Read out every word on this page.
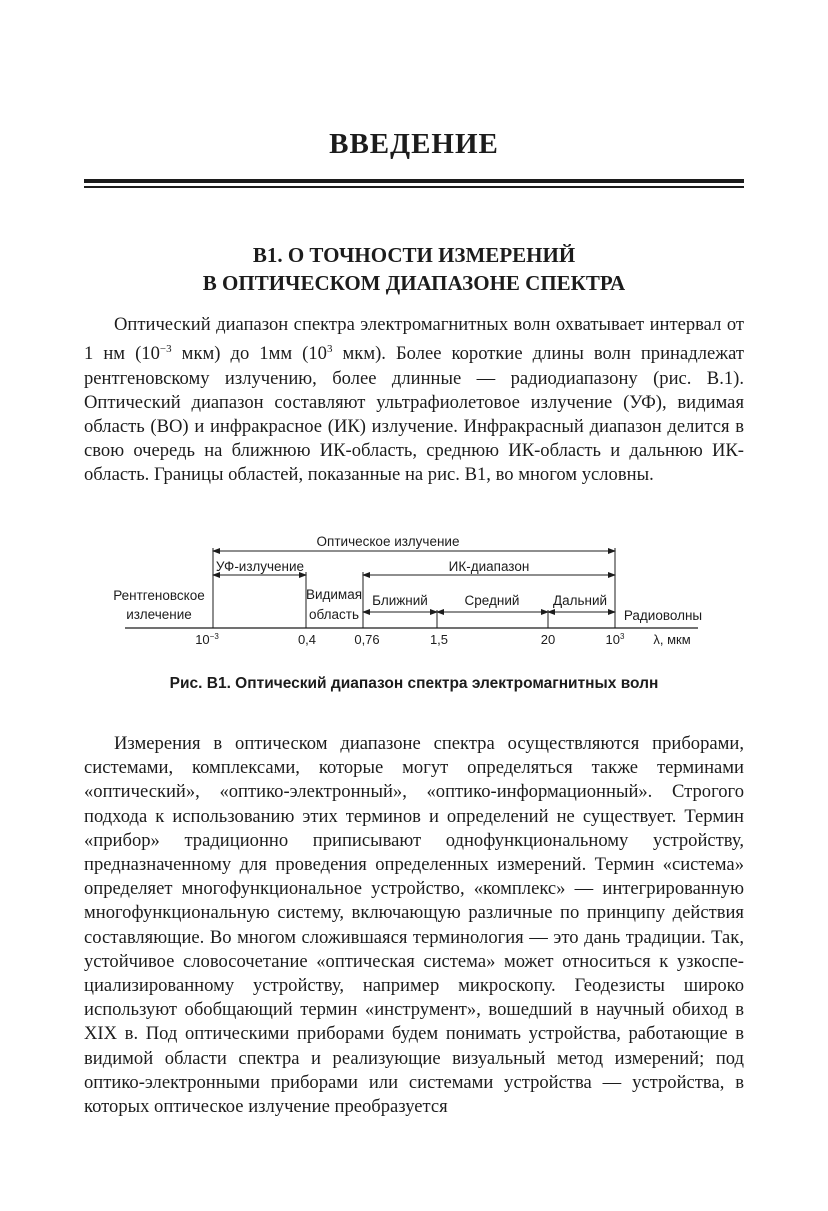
ВВЕДЕНИЕ
В1. О ТОЧНОСТИ ИЗМЕРЕНИЙ
В ОПТИЧЕСКОМ ДИАПАЗОНЕ СПЕКТРА
Оптический диапазон спектра электромагнитных волн охватывает интервал от 1 нм ($10^{-3}$ мкм) до 1мм ($10^3$ мкм). Более короткие длины волн принадлежат рентгеновскому излучению, более длинные — радиодиапазону (рис. В.1). Оптический диапазон составляют ультрафиолетовое излучение (УФ), видимая область (ВО) и инфракрасное (ИК) излучение. Инфракрасный диапазон делится в свою очередь на ближнюю ИК-область, среднюю ИК-область и дальнюю ИК-область. Границы областей, показанные на рис. В1, во многом условны.
Оптическое излучение
УФ-излучение	ИК-диапазон
Ближний	Средний Дальний
Рентгеновское
излечение
Видимая
область	Радиоволны
$10^{-3}$	0,4	0,76	1,5	20	$10^3$ λ, мкм
Рис. В1. Оптический диапазон спектра электромагнитных волн
Измерения в оптическом диапазоне спектра осуществляются приборами, системами, комплексами, которые могут определяться также терминами «оптический», «оптико-электронный», «оптико-информационный». Строгого подхода к использованию этих терминов и определений не существует. Термин «прибор» традиционно приписывают однофункциональному устройству, предназначенному для проведения определенных измерений. Термин «система» определяет многофункциональное устройство, «комплекс» — интегрированную многофункциональную систему, включающую различные по принципу действия составляющие. Во многом сложившаяся терминология — это дань традиции. Так, устойчивое словосочетание «оптическая система» может относиться к узкоспециализированному устройству, например микроскопу. Геодезисты широко используют обобщающий термин «инструмент», вошедший в научный обиход в XIX в. Под оптическими приборами будем понимать устройства, работающие в видимой области спектра и реализующие визуальный метод измерений; под оптико-электронными приборами или системами устройства — устройства, в которых оптическое излучение преобразуется
